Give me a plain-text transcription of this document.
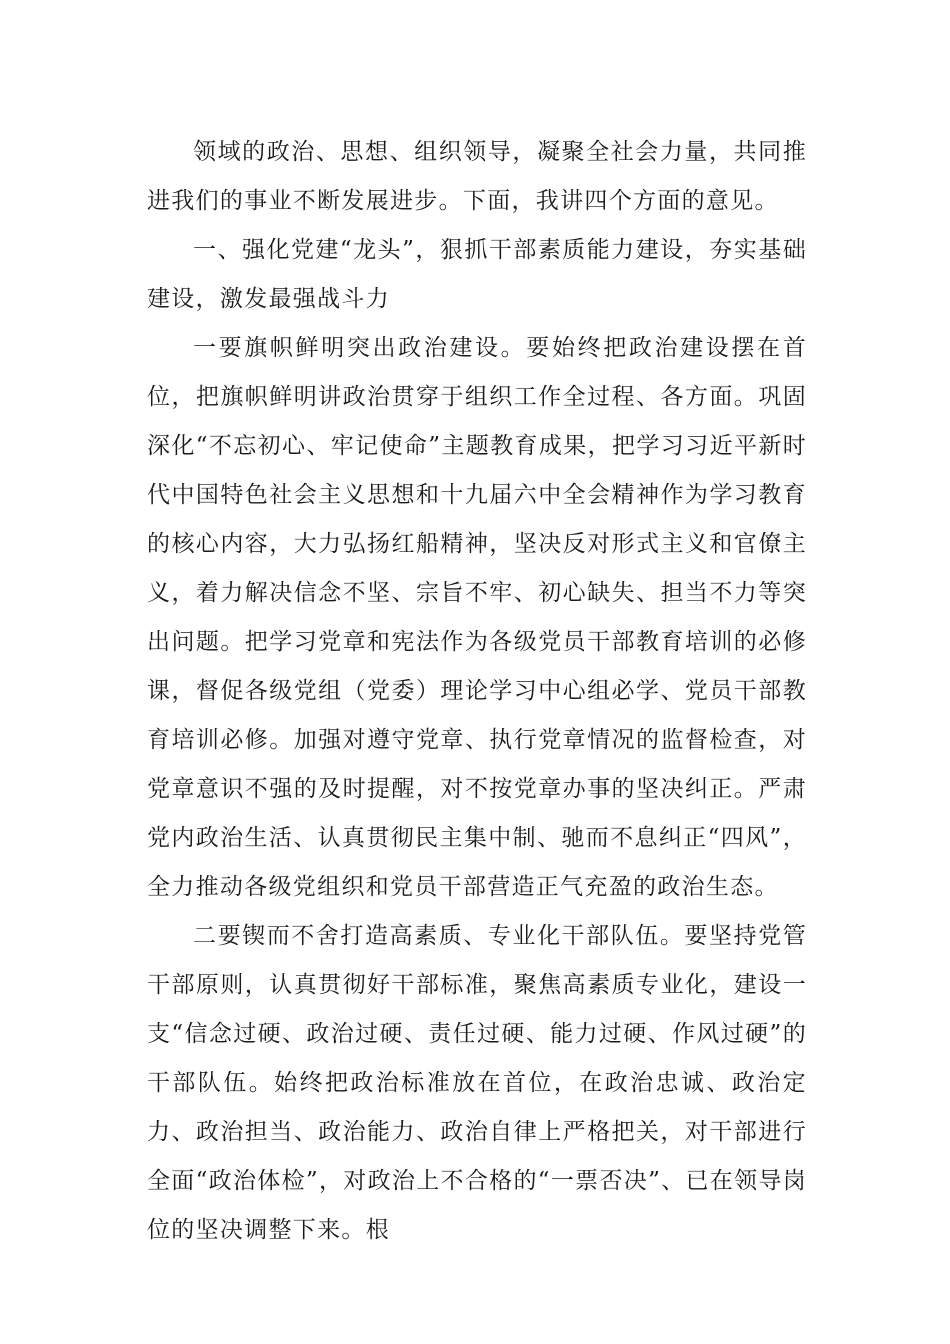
领域的政治、思想、组织领导，凝聚全社会力量，共同推进我们的事业不断发展进步。下面，我讲四个方面的意见。

一、强化党建“龙头”，狠抓干部素质能力建设，夯实基础建设，激发最强战斗力

一要旗帜鲜明突出政治建设。要始终把政治建设摆在首位，把旗帜鲜明讲政治贯穿于组织工作全过程、各方面。巩固深化“不忘初心、牢记使命”主题教育成果，把学习习近平新时代中国特色社会主义思想和十九届六中全会精神作为学习教育的核心内容，大力弘扬红船精神，坚决反对形式主义和官僚主义，着力解决信念不坚、宗旨不牢、初心缺失、担当不力等突出问题。把学习党章和宪法作为各级党员干部教育培训的必修课，督促各级党组（党委）理论学习中心组必学、党员干部教育培训必修。加强对遵守党章、执行党章情况的监督检查，对党章意识不强的及时提醒，对不按党章办事的坚决纠正。严肃党内政治生活、认真贯彻民主集中制、驰而不息纠正“四风”，全力推动各级党组织和党员干部营造正气充盈的政治生态。

二要锲而不舍打造高素质、专业化干部队伍。要坚持党管干部原则，认真贯彻好干部标准，聚焦高素质专业化，建设一支“信念过硬、政治过硬、责任过硬、能力过硬、作风过硬”的干部队伍。始终把政治标准放在首位，在政治忠诚、政治定力、政治担当、政治能力、政治自律上严格把关，对干部进行全面“政治体检”，对政治上不合格的“一票否决”、已在领导岗位的坚决调整下来。根
